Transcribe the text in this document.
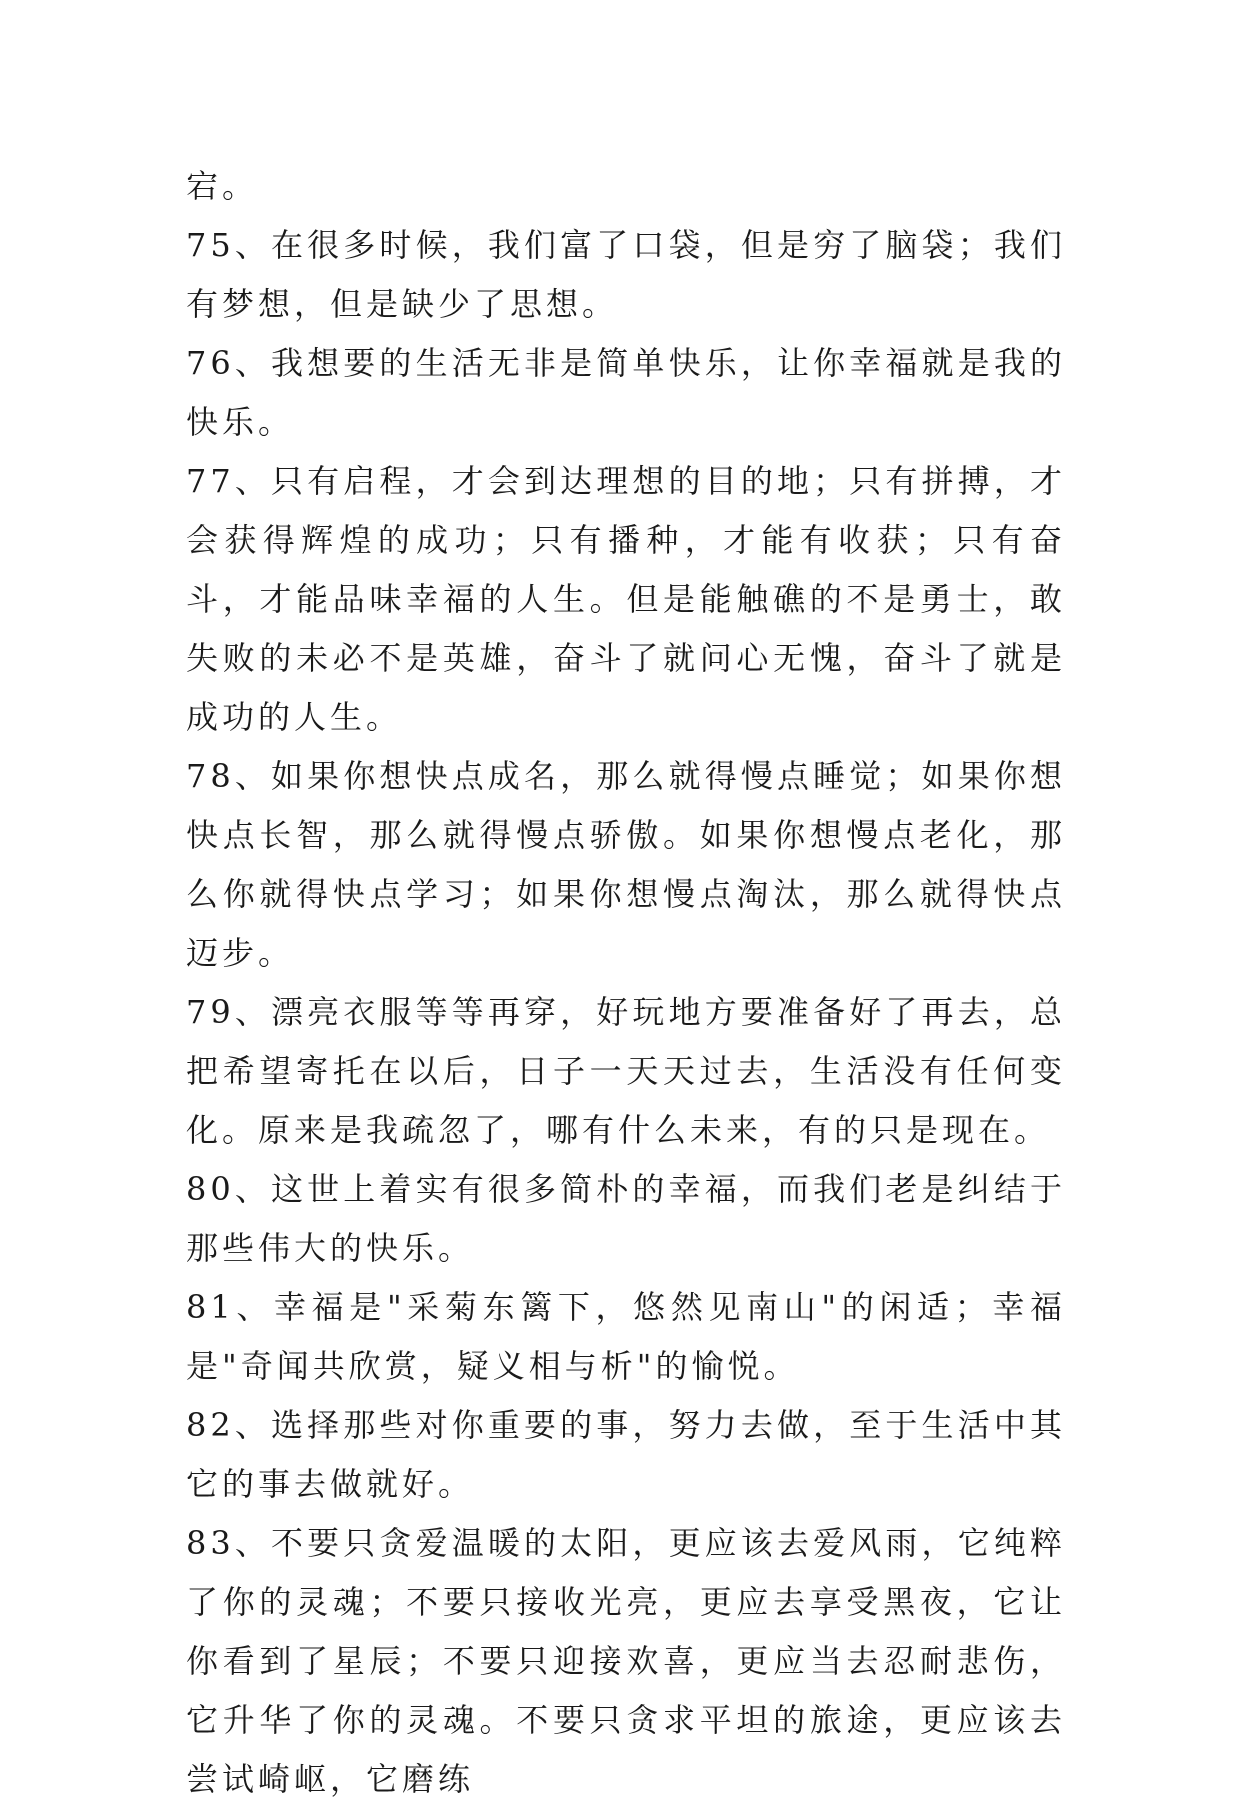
宕。

75、在很多时候，我们富了口袋，但是穷了脑袋；我们有梦想，但是缺少了思想。

76、我想要的生活无非是简单快乐，让你幸福就是我的快乐。

77、只有启程，才会到达理想的目的地；只有拼搏，才会获得辉煌的成功；只有播种，才能有收获；只有奋斗，才能品味幸福的人生。但是能触礁的不是勇士，敢失败的未必不是英雄，奋斗了就问心无愧，奋斗了就是成功的人生。

78、如果你想快点成名，那么就得慢点睡觉；如果你想快点长智，那么就得慢点骄傲。如果你想慢点老化，那么你就得快点学习；如果你想慢点淘汰，那么就得快点迈步。

79、漂亮衣服等等再穿，好玩地方要准备好了再去，总把希望寄托在以后，日子一天天过去，生活没有任何变化。原来是我疏忽了，哪有什么未来，有的只是现在。

80、这世上着实有很多简朴的幸福，而我们老是纠结于那些伟大的快乐。

81、幸福是"采菊东篱下，悠然见南山"的闲适；幸福是"奇闻共欣赏，疑义相与析"的愉悦。

82、选择那些对你重要的事，努力去做，至于生活中其它的事去做就好。

83、不要只贪爱温暖的太阳，更应该去爱风雨，它纯粹了你的灵魂；不要只接收光亮，更应去享受黑夜，它让你看到了星辰；不要只迎接欢喜，更应当去忍耐悲伤，它升华了你的灵魂。不要只贪求平坦的旅途，更应该去尝试崎岖，它磨练
